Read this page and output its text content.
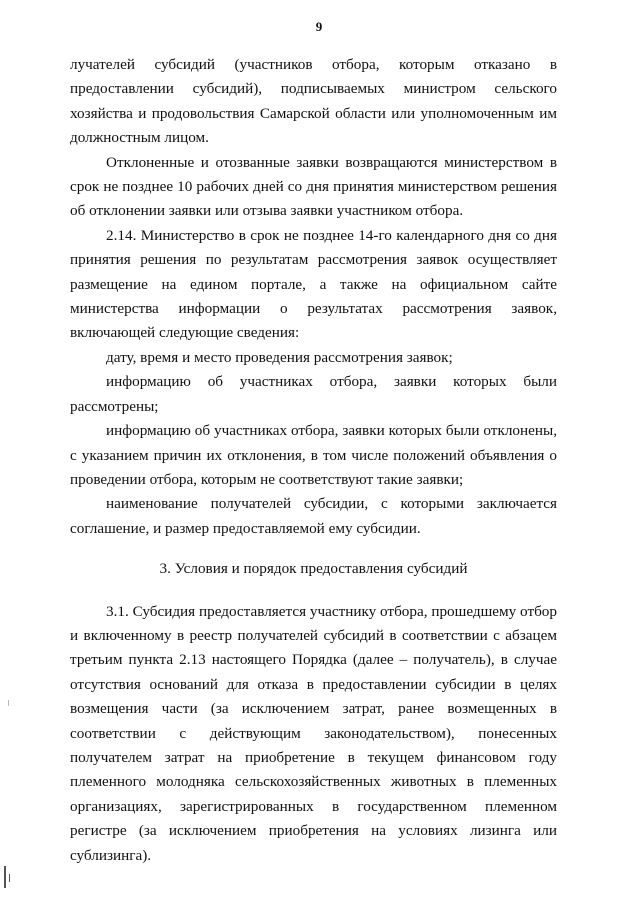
9

лучателей субсидий (участников отбора, которым отказано в предоставлении субсидий), подписываемых министром сельского хозяйства и продовольствия Самарской области или уполномоченным им должностным лицом.

Отклоненные и отозванные заявки возвращаются министерством в срок не позднее 10 рабочих дней со дня принятия министерством решения об отклонении заявки или отзыва заявки участником отбора.

2.14. Министерство в срок не позднее 14-го календарного дня со дня принятия решения по результатам рассмотрения заявок осуществляет размещение на едином портале, а также на официальном сайте министерства информации о результатах рассмотрения заявок, включающей следующие сведения:

дату, время и место проведения рассмотрения заявок;

информацию об участниках отбора, заявки которых были рассмотрены;

информацию об участниках отбора, заявки которых были отклонены, с указанием причин их отклонения, в том числе положений объявления о проведении отбора, которым не соответствуют такие заявки;

наименование получателей субсидии, с которыми заключается соглашение, и размер предоставляемой ему субсидии.

3. Условия и порядок предоставления субсидий

3.1. Субсидия предоставляется участнику отбора, прошедшему отбор и включенному в реестр получателей субсидий в соответствии с абзацем третьим пункта 2.13 настоящего Порядка (далее – получатель), в случае отсутствия оснований для отказа в предоставлении субсидии в целях возмещения части (за исключением затрат, ранее возмещенных в соответствии с действующим законодательством), понесенных получателем затрат на приобретение в текущем финансовом году племенного молодняка сельскохозяйственных животных в племенных организациях, зарегистрированных в государственном племенном регистре (за исключением приобретения на условиях лизинга или сублизинга).
